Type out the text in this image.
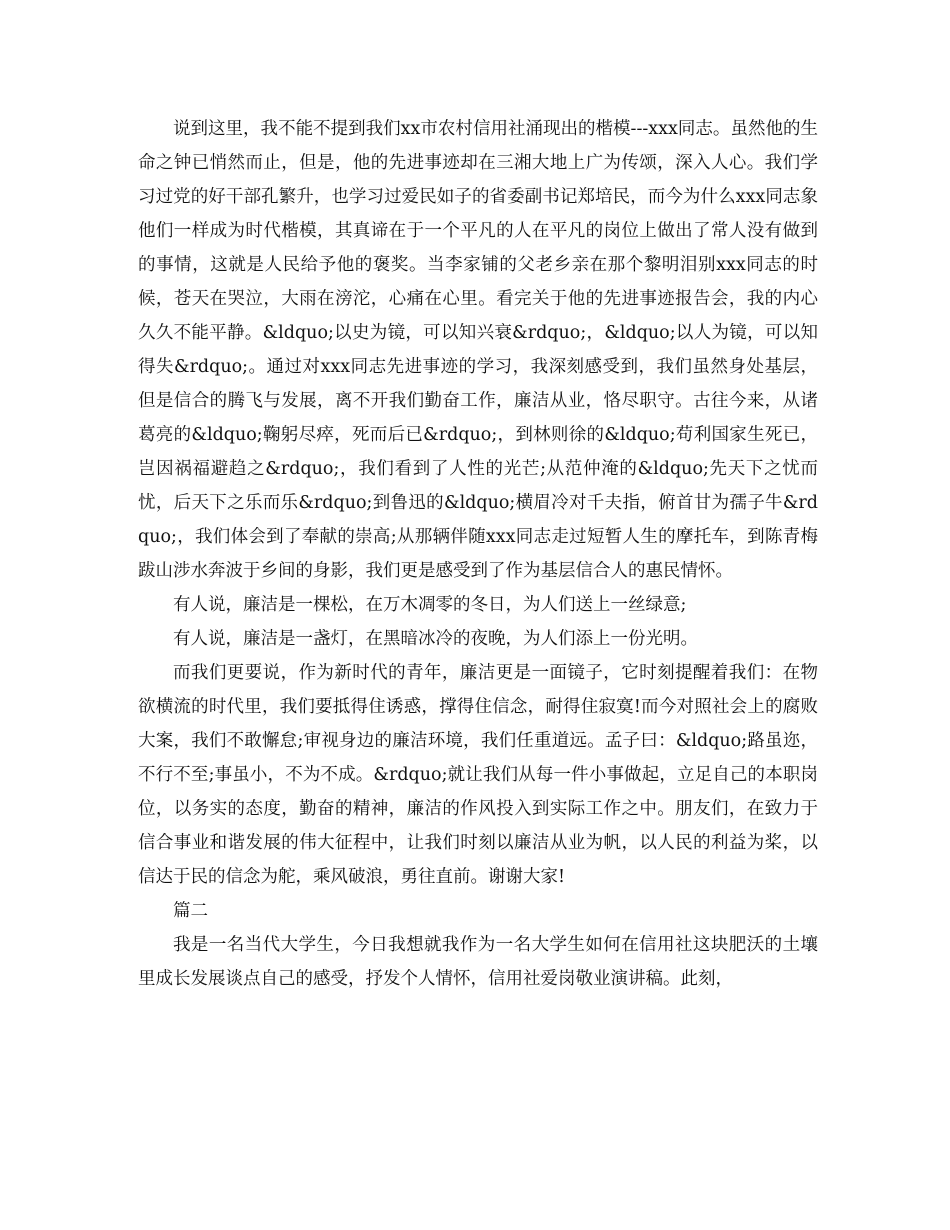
说到这里，我不能不提到我们xx市农村信用社涌现出的楷模---xxx同志。虽然他的生命之钟已悄然而止，但是，他的先进事迹却在三湘大地上广为传颂，深入人心。我们学习过党的好干部孔繁升，也学习过爱民如子的省委副书记郑培民，而今为什么xxx同志象他们一样成为时代楷模，其真谛在于一个平凡的人在平凡的岗位上做出了常人没有做到的事情，这就是人民给予他的褒奖。当李家铺的父老乡亲在那个黎明泪别xxx同志的时候，苍天在哭泣，大雨在滂沱，心痛在心里。看完关于他的先进事迹报告会，我的内心久久不能平静。&ldquo;以史为镜，可以知兴衰&rdquo;，&ldquo;以人为镜，可以知得失&rdquo;。通过对xxx同志先进事迹的学习，我深刻感受到，我们虽然身处基层，但是信合的腾飞与发展，离不开我们勤奋工作，廉洁从业，恪尽职守。古往今来，从诸葛亮的&ldquo;鞠躬尽瘁，死而后已&rdquo;，到林则徐的&ldquo;苟利国家生死已，岂因祸福避趋之&rdquo;，我们看到了人性的光芒;从范仲淹的&ldquo;先天下之忧而忧，后天下之乐而乐&rdquo;到鲁迅的&ldquo;横眉冷对千夫指，俯首甘为孺子牛&rdquo;，我们体会到了奉献的崇高;从那辆伴随xxx同志走过短暂人生的摩托车，到陈青梅跋山涉水奔波于乡间的身影，我们更是感受到了作为基层信合人的惠民情怀。

有人说，廉洁是一棵松，在万木凋零的冬日，为人们送上一丝绿意;

有人说，廉洁是一盏灯，在黑暗冰冷的夜晚，为人们添上一份光明。

而我们更要说，作为新时代的青年，廉洁更是一面镜子，它时刻提醒着我们：在物欲横流的时代里，我们要抵得住诱惑，撑得住信念，耐得住寂寞!而今对照社会上的腐败大案，我们不敢懈怠;审视身边的廉洁环境，我们任重道远。孟子曰：&ldquo;路虽迩，不行不至;事虽小，不为不成。&rdquo;就让我们从每一件小事做起，立足自己的本职岗位，以务实的态度，勤奋的精神，廉洁的作风投入到实际工作之中。朋友们，在致力于信合事业和谐发展的伟大征程中，让我们时刻以廉洁从业为帆，以人民的利益为桨，以信达于民的信念为舵，乘风破浪，勇往直前。谢谢大家!

篇二

我是一名当代大学生，今日我想就我作为一名大学生如何在信用社这块肥沃的土壤里成长发展谈点自己的感受，抒发个人情怀，信用社爱岗敬业演讲稿。此刻，
